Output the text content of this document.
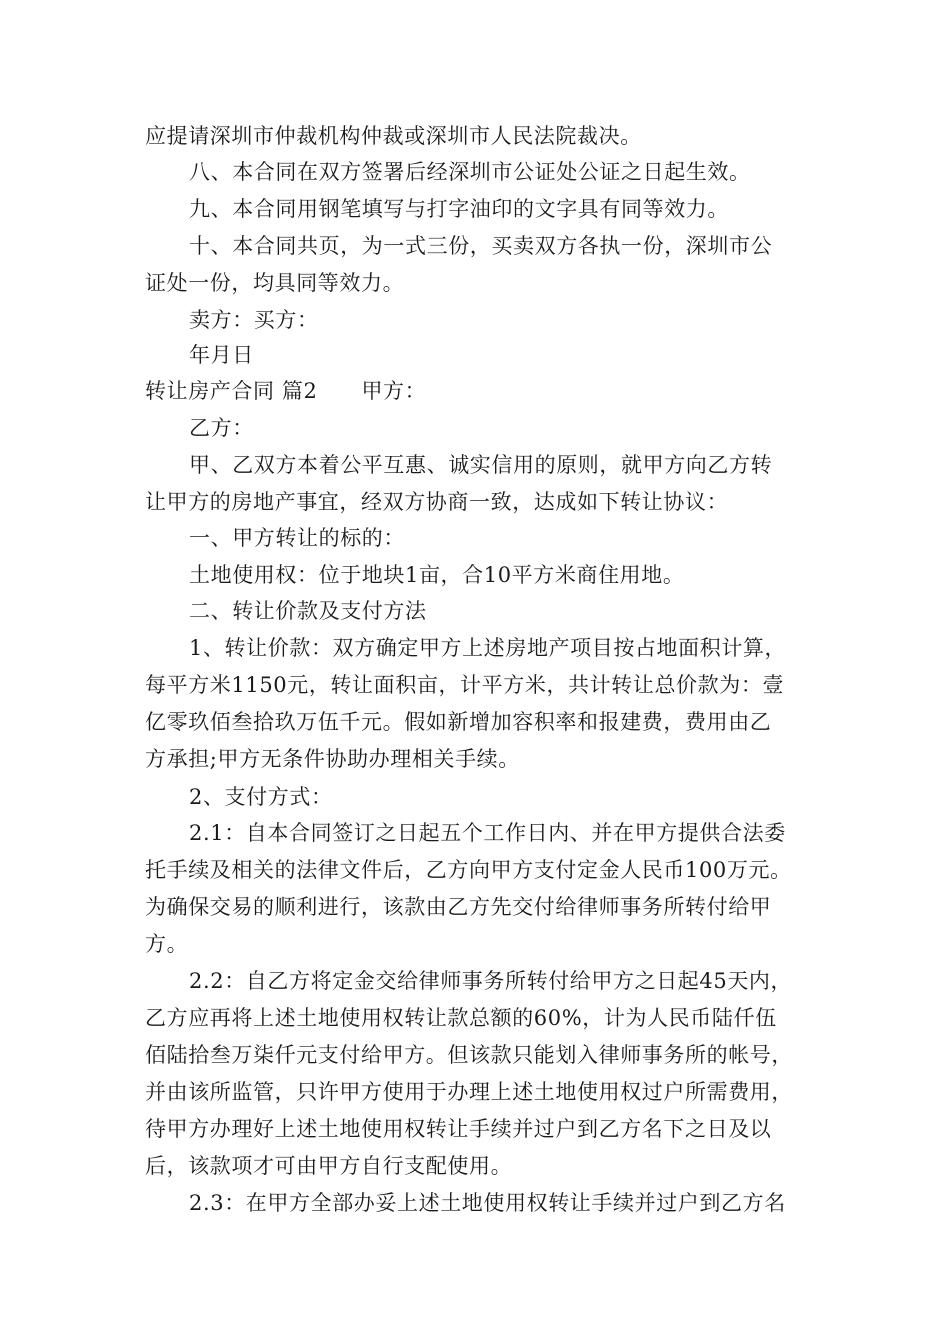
应提请深圳市仲裁机构仲裁或深圳市人民法院裁决。
八、本合同在双方签署后经深圳市公证处公证之日起生效。
九、本合同用钢笔填写与打字油印的文字具有同等效力。
十、本合同共页，为一式三份，买卖双方各执一份，深圳市公
证处一份，均具同等效力。
卖方：买方：
年月日
转让房产合同 篇2 甲方：
乙方：
甲、乙双方本着公平互惠、诚实信用的原则，就甲方向乙方转
让甲方的房地产事宜，经双方协商一致，达成如下转让协议：
一、甲方转让的标的：
土地使用权：位于地块1亩，合10平方米商住用地。
二、转让价款及支付方法
1、转让价款：双方确定甲方上述房地产项目按占地面积计算，
每平方米1150元，转让面积亩，计平方米，共计转让总价款为：壹
亿零玖佰叁拾玖万伍千元。假如新增加容积率和报建费，费用由乙
方承担;甲方无条件协助办理相关手续。
2、支付方式：
2.1：自本合同签订之日起五个工作日内、并在甲方提供合法委
托手续及相关的法律文件后，乙方向甲方支付定金人民币100万元。
为确保交易的顺利进行，该款由乙方先交付给律师事务所转付给甲
方。
2.2：自乙方将定金交给律师事务所转付给甲方之日起45天内，
乙方应再将上述土地使用权转让款总额的60%，计为人民币陆仟伍
佰陆拾叁万柒仟元支付给甲方。但该款只能划入律师事务所的帐号，
并由该所监管，只许甲方使用于办理上述土地使用权过户所需费用，
待甲方办理好上述土地使用权转让手续并过户到乙方名下之日及以
后，该款项才可由甲方自行支配使用。
2.3：在甲方全部办妥上述土地使用权转让手续并过户到乙方名
